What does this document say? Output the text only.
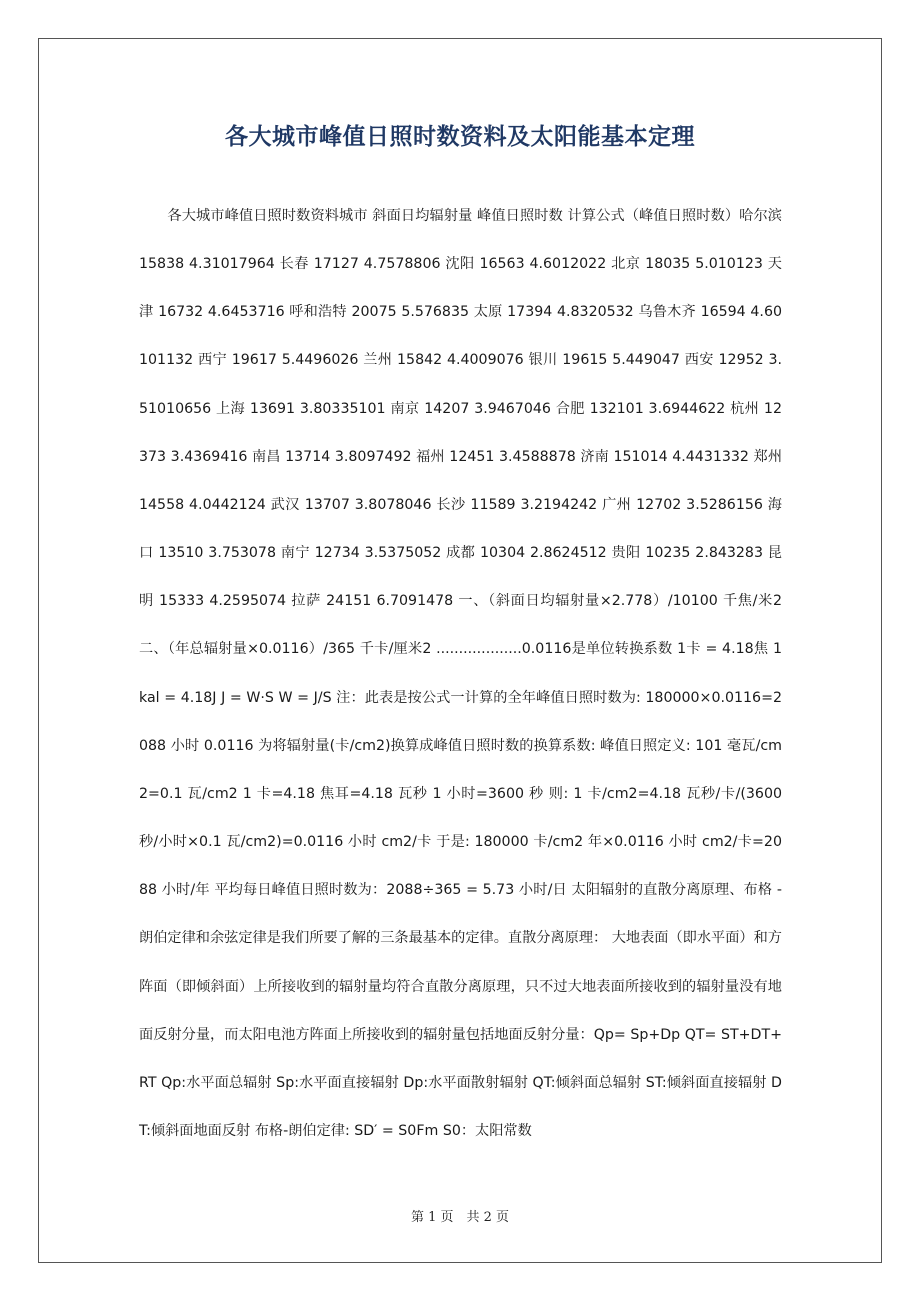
各大城市峰值日照时数资料及太阳能基本定理

各大城市峰值日照时数资料城市 斜面日均辐射量 峰值日照时数 计算公式（峰值日照时数）哈尔滨 15838 4.31017964 长春 17127 4.7578806 沈阳 16563 4.6012022 北京 18035 5.010123 天津 16732 4.6453716 呼和浩特 20075 5.576835 太原 17394 4.8320532 乌鲁木齐 16594 4.60101132 西宁 19617 5.4496026 兰州 15842 4.4009076 银川 19615 5.449047 西安 12952 3.51010656 上海 13691 3.80335101 南京 14207 3.9467046 合肥 132101 3.6944622 杭州 12373 3.4369416 南昌 13714 3.8097492 福州 12451 3.4588878 济南 151014 4.4431332 郑州 14558 4.0442124 武汉 13707 3.8078046 长沙 11589 3.2194242 广州 12702 3.5286156 海口 13510 3.753078 南宁 12734 3.5375052 成都 10304 2.8624512 贵阳 10235 2.843283 昆明 15333 4.2595074 拉萨 24151 6.7091478 一、（斜面日均辐射量×2.778）/10100 千焦/米2 二、（年总辐射量×0.0116）/365 千卡/厘米2 ...................0.0116是单位转换系数 1卡 = 4.18焦 1 kal = 4.18J J = W·S W = J/S 注：此表是按公式一计算的全年峰值日照时数为: 180000×0.0116=2088 小时 0.0116 为将辐射量(卡/cm2)换算成峰值日照时数的换算系数: 峰值日照定义: 101 毫瓦/cm2=0.1 瓦/cm2 1 卡=4.18 焦耳=4.18 瓦秒 1 小时=3600 秒 则: 1 卡/cm2=4.18 瓦秒/卡/(3600 秒/小时×0.1 瓦/cm2)=0.0116 小时 cm2/卡 于是: 180000 卡/cm2 年×0.0116 小时 cm2/卡=2088 小时/年 平均每日峰值日照时数为：2088÷365 = 5.73 小时/日 太阳辐射的直散分离原理、布格 - 朗伯定律和余弦定律是我们所要了解的三条最基本的定律。直散分离原理： 大地表面（即水平面）和方阵面（即倾斜面）上所接收到的辐射量均符合直散分离原理，只不过大地表面所接收到的辐射量没有地面反射分量，而太阳电池方阵面上所接收到的辐射量包括地面反射分量：Qp= Sp+Dp QT= ST+DT+RT Qp:水平面总辐射 Sp:水平面直接辐射 Dp:水平面散射辐射 QT:倾斜面总辐射 ST:倾斜面直接辐射 DT:倾斜面地面反射 布格-朗伯定律: SD′ = S0Fm S0：太阳常数

第 1 页　共 2 页
